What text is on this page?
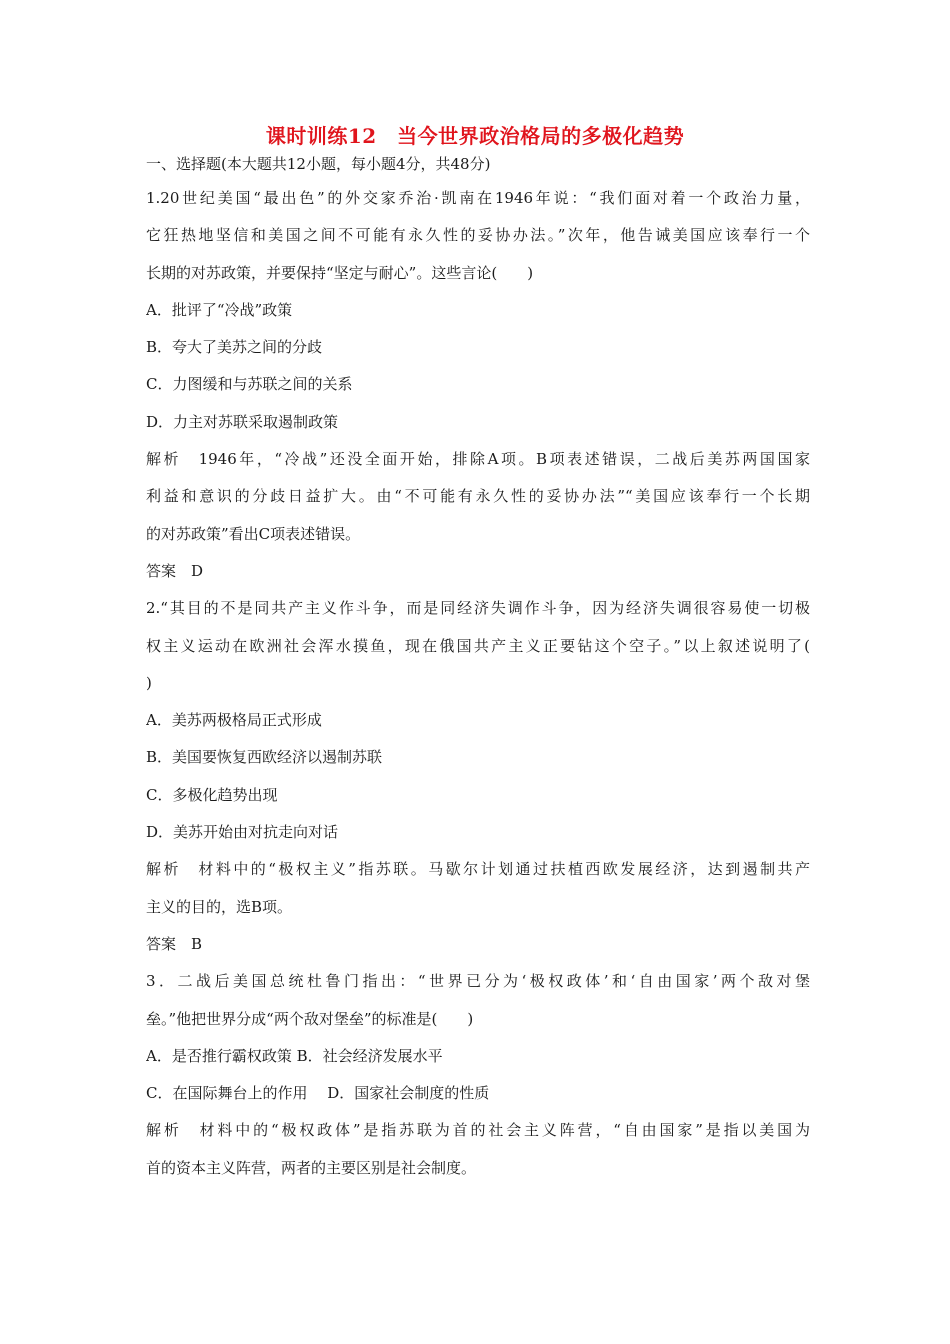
课时训练12　当今世界政治格局的多极化趋势
一、选择题(本大题共12小题，每小题4分，共48分)
1.20世纪美国“最出色”的外交家乔治·凯南在1946年说：“我们面对着一个政治力量，
它狂热地坚信和美国之间不可能有永久性的妥协办法。”次年，他告诫美国应该奉行一个
长期的对苏政策，并要保持“坚定与耐心”。这些言论(　　)
A．批评了“冷战”政策
B．夸大了美苏之间的分歧
C．力图缓和与苏联之间的关系
D．力主对苏联采取遏制政策
解析　1946年，“冷战”还没全面开始，排除A项。B项表述错误，二战后美苏两国国家
利益和意识的分歧日益扩大。由“不可能有永久性的妥协办法”“美国应该奉行一个长期
的对苏政策”看出C项表述错误。
答案　D
2.“其目的不是同共产主义作斗争，而是同经济失调作斗争，因为经济失调很容易使一切极
权主义运动在欧洲社会浑水摸鱼，现在俄国共产主义正要钻这个空子。”以上叙述说明了(
)
A．美苏两极格局正式形成
B．美国要恢复西欧经济以遏制苏联
C．多极化趋势出现
D．美苏开始由对抗走向对话
解析　材料中的“极权主义”指苏联。马歇尔计划通过扶植西欧发展经济，达到遏制共产
主义的目的，选B项。
答案　B
3．二战后美国总统杜鲁门指出：“世界已分为‘极权政体’和‘自由国家’两个敌对堡
垒。”他把世界分成“两个敌对堡垒”的标准是(　　)
A．是否推行霸权政策 B．社会经济发展水平
C．在国际舞台上的作用　 D．国家社会制度的性质
解析　材料中的“极权政体”是指苏联为首的社会主义阵营，“自由国家”是指以美国为
首的资本主义阵营，两者的主要区别是社会制度。
